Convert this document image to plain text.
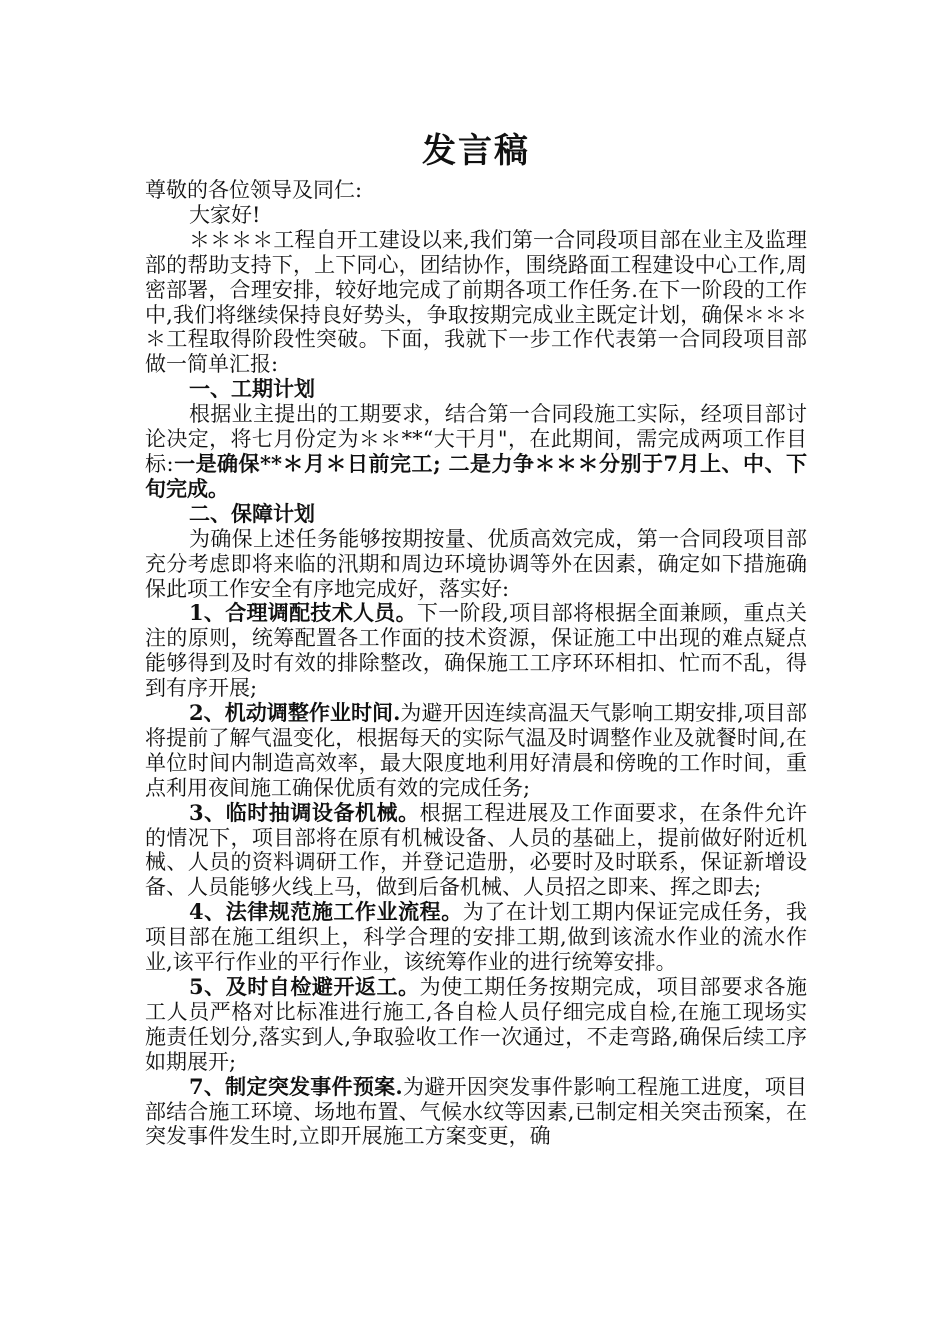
发言稿

尊敬的各位领导及同仁:

大家好!

＊＊＊＊工程自开工建设以来,我们第一合同段项目部在业主及监理部的帮助支持下，上下同心，团结协作，围绕路面工程建设中心工作,周密部署，合理安排，较好地完成了前期各项工作任务.在下一阶段的工作中,我们将继续保持良好势头，争取按期完成业主既定计划，确保＊＊＊＊工程取得阶段性突破。下面，我就下一步工作代表第一合同段项目部做一简单汇报:

一、工期计划

根据业主提出的工期要求，结合第一合同段施工实际，经项目部讨论决定，将七月份定为＊＊**“大干月"，在此期间，需完成两项工作目标:一是确保**＊月＊日前完工; 二是力争＊＊＊分别于7月上、中、下旬完成。

二、保障计划

为确保上述任务能够按期按量、优质高效完成，第一合同段项目部充分考虑即将来临的汛期和周边环境协调等外在因素，确定如下措施确保此项工作安全有序地完成好，落实好:

1、合理调配技术人员。下一阶段,项目部将根据全面兼顾，重点关注的原则，统筹配置各工作面的技术资源，保证施工中出现的难点疑点能够得到及时有效的排除整改，确保施工工序环环相扣、忙而不乱，得到有序开展;

2、机动调整作业时间.为避开因连续高温天气影响工期安排,项目部将提前了解气温变化，根据每天的实际气温及时调整作业及就餐时间,在单位时间内制造高效率，最大限度地利用好清晨和傍晚的工作时间，重点利用夜间施工确保优质有效的完成任务;

3、临时抽调设备机械。根据工程进展及工作面要求，在条件允许的情况下，项目部将在原有机械设备、人员的基础上，提前做好附近机械、人员的资料调研工作，并登记造册，必要时及时联系，保证新增设备、人员能够火线上马，做到后备机械、人员招之即来、挥之即去;

4、法律规范施工作业流程。为了在计划工期内保证完成任务，我项目部在施工组织上，科学合理的安排工期,做到该流水作业的流水作业,该平行作业的平行作业，该统筹作业的进行统筹安排。

5、及时自检避开返工。为使工期任务按期完成，项目部要求各施工人员严格对比标准进行施工,各自检人员仔细完成自检,在施工现场实施责任划分,落实到人,争取验收工作一次通过，不走弯路,确保后续工序如期展开;

7、制定突发事件预案.为避开因突发事件影响工程施工进度，项目部结合施工环境、场地布置、气候水纹等因素,已制定相关突击预案，在突发事件发生时,立即开展施工方案变更，确
